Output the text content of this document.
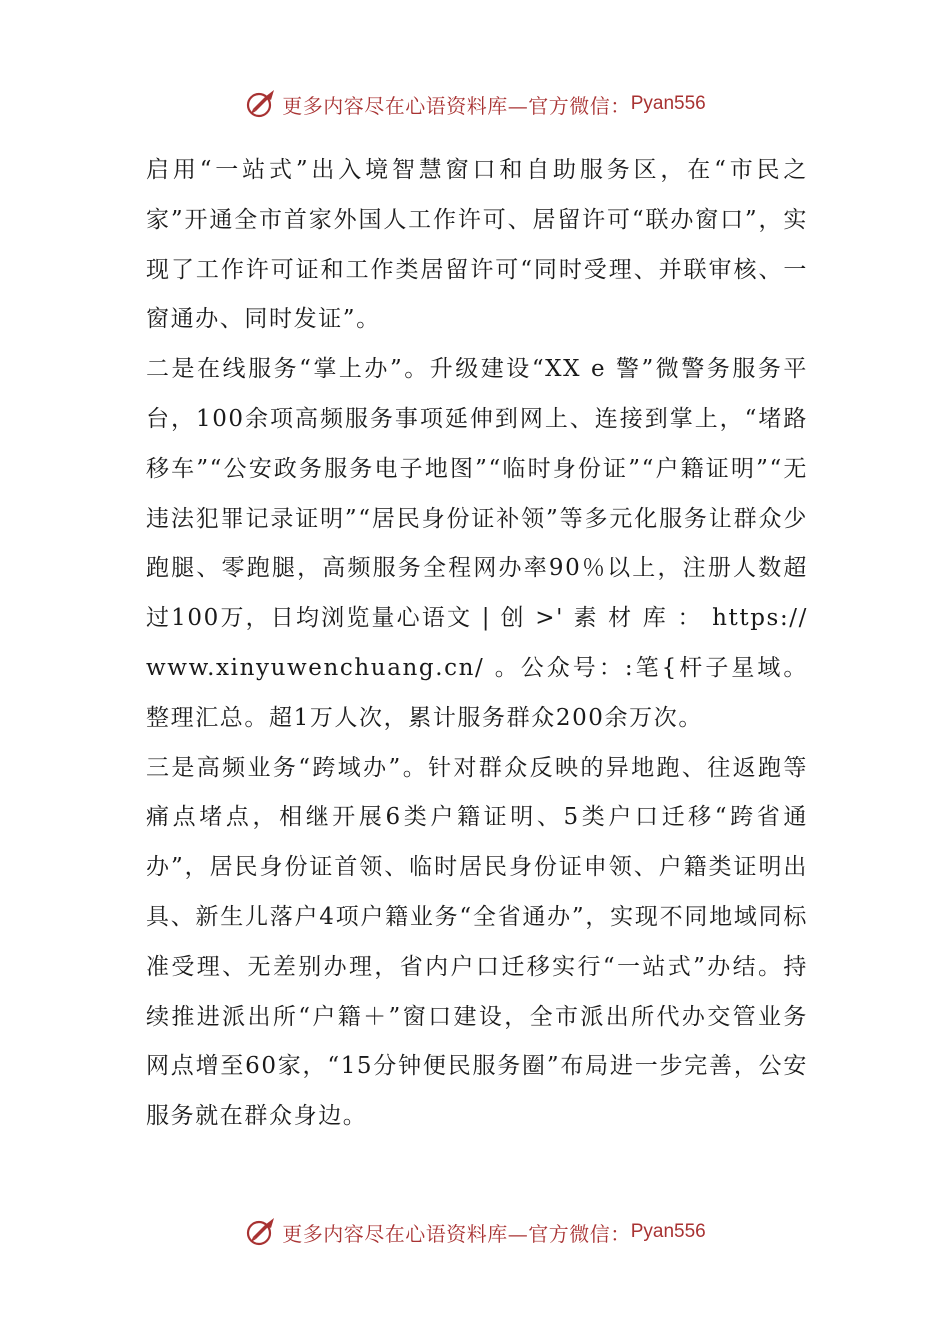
更多内容尽在心语资料库—官方微信： Pyan556

启用“一站式”出入境智慧窗口和自助服务区，在“市民之家”开通全市首家外国人工作许可、居留许可“联办窗口”，实现了工作许可证和工作类居留许可“同时受理、并联审核、一窗通办、同时发证”。

二是在线服务“掌上办”。升级建设“XX e 警”微警务服务平台，100余项高频服务事项延伸到网上、连接到掌上，“堵路移车”“公安政务服务电子地图”“临时身份证”“户籍证明”“无违法犯罪记录证明”“居民身份证补领”等多元化服务让群众少跑腿、零跑腿，高频服务全程网办率90％以上，注册人数超过100万，日均浏览量心语文 | 创 >' 素 材 库 ： https://www.xinyuwenchuang.cn/ 。公众号：:笔{杆子星域。整理汇总。超1万人次，累计服务群众200余万次。

三是高频业务“跨域办”。针对群众反映的异地跑、往返跑等痛点堵点，相继开展6类户籍证明、5类户口迁移“跨省通办”，居民身份证首领、临时居民身份证申领、户籍类证明出具、新生儿落户4项户籍业务“全省通办”，实现不同地域同标准受理、无差别办理，省内户口迁移实行“一站式”办结。持续推进派出所“户籍＋”窗口建设，全市派出所代办交管业务网点增至60家，“15分钟便民服务圈”布局进一步完善，公安服务就在群众身边。

更多内容尽在心语资料库—官方微信： Pyan556
